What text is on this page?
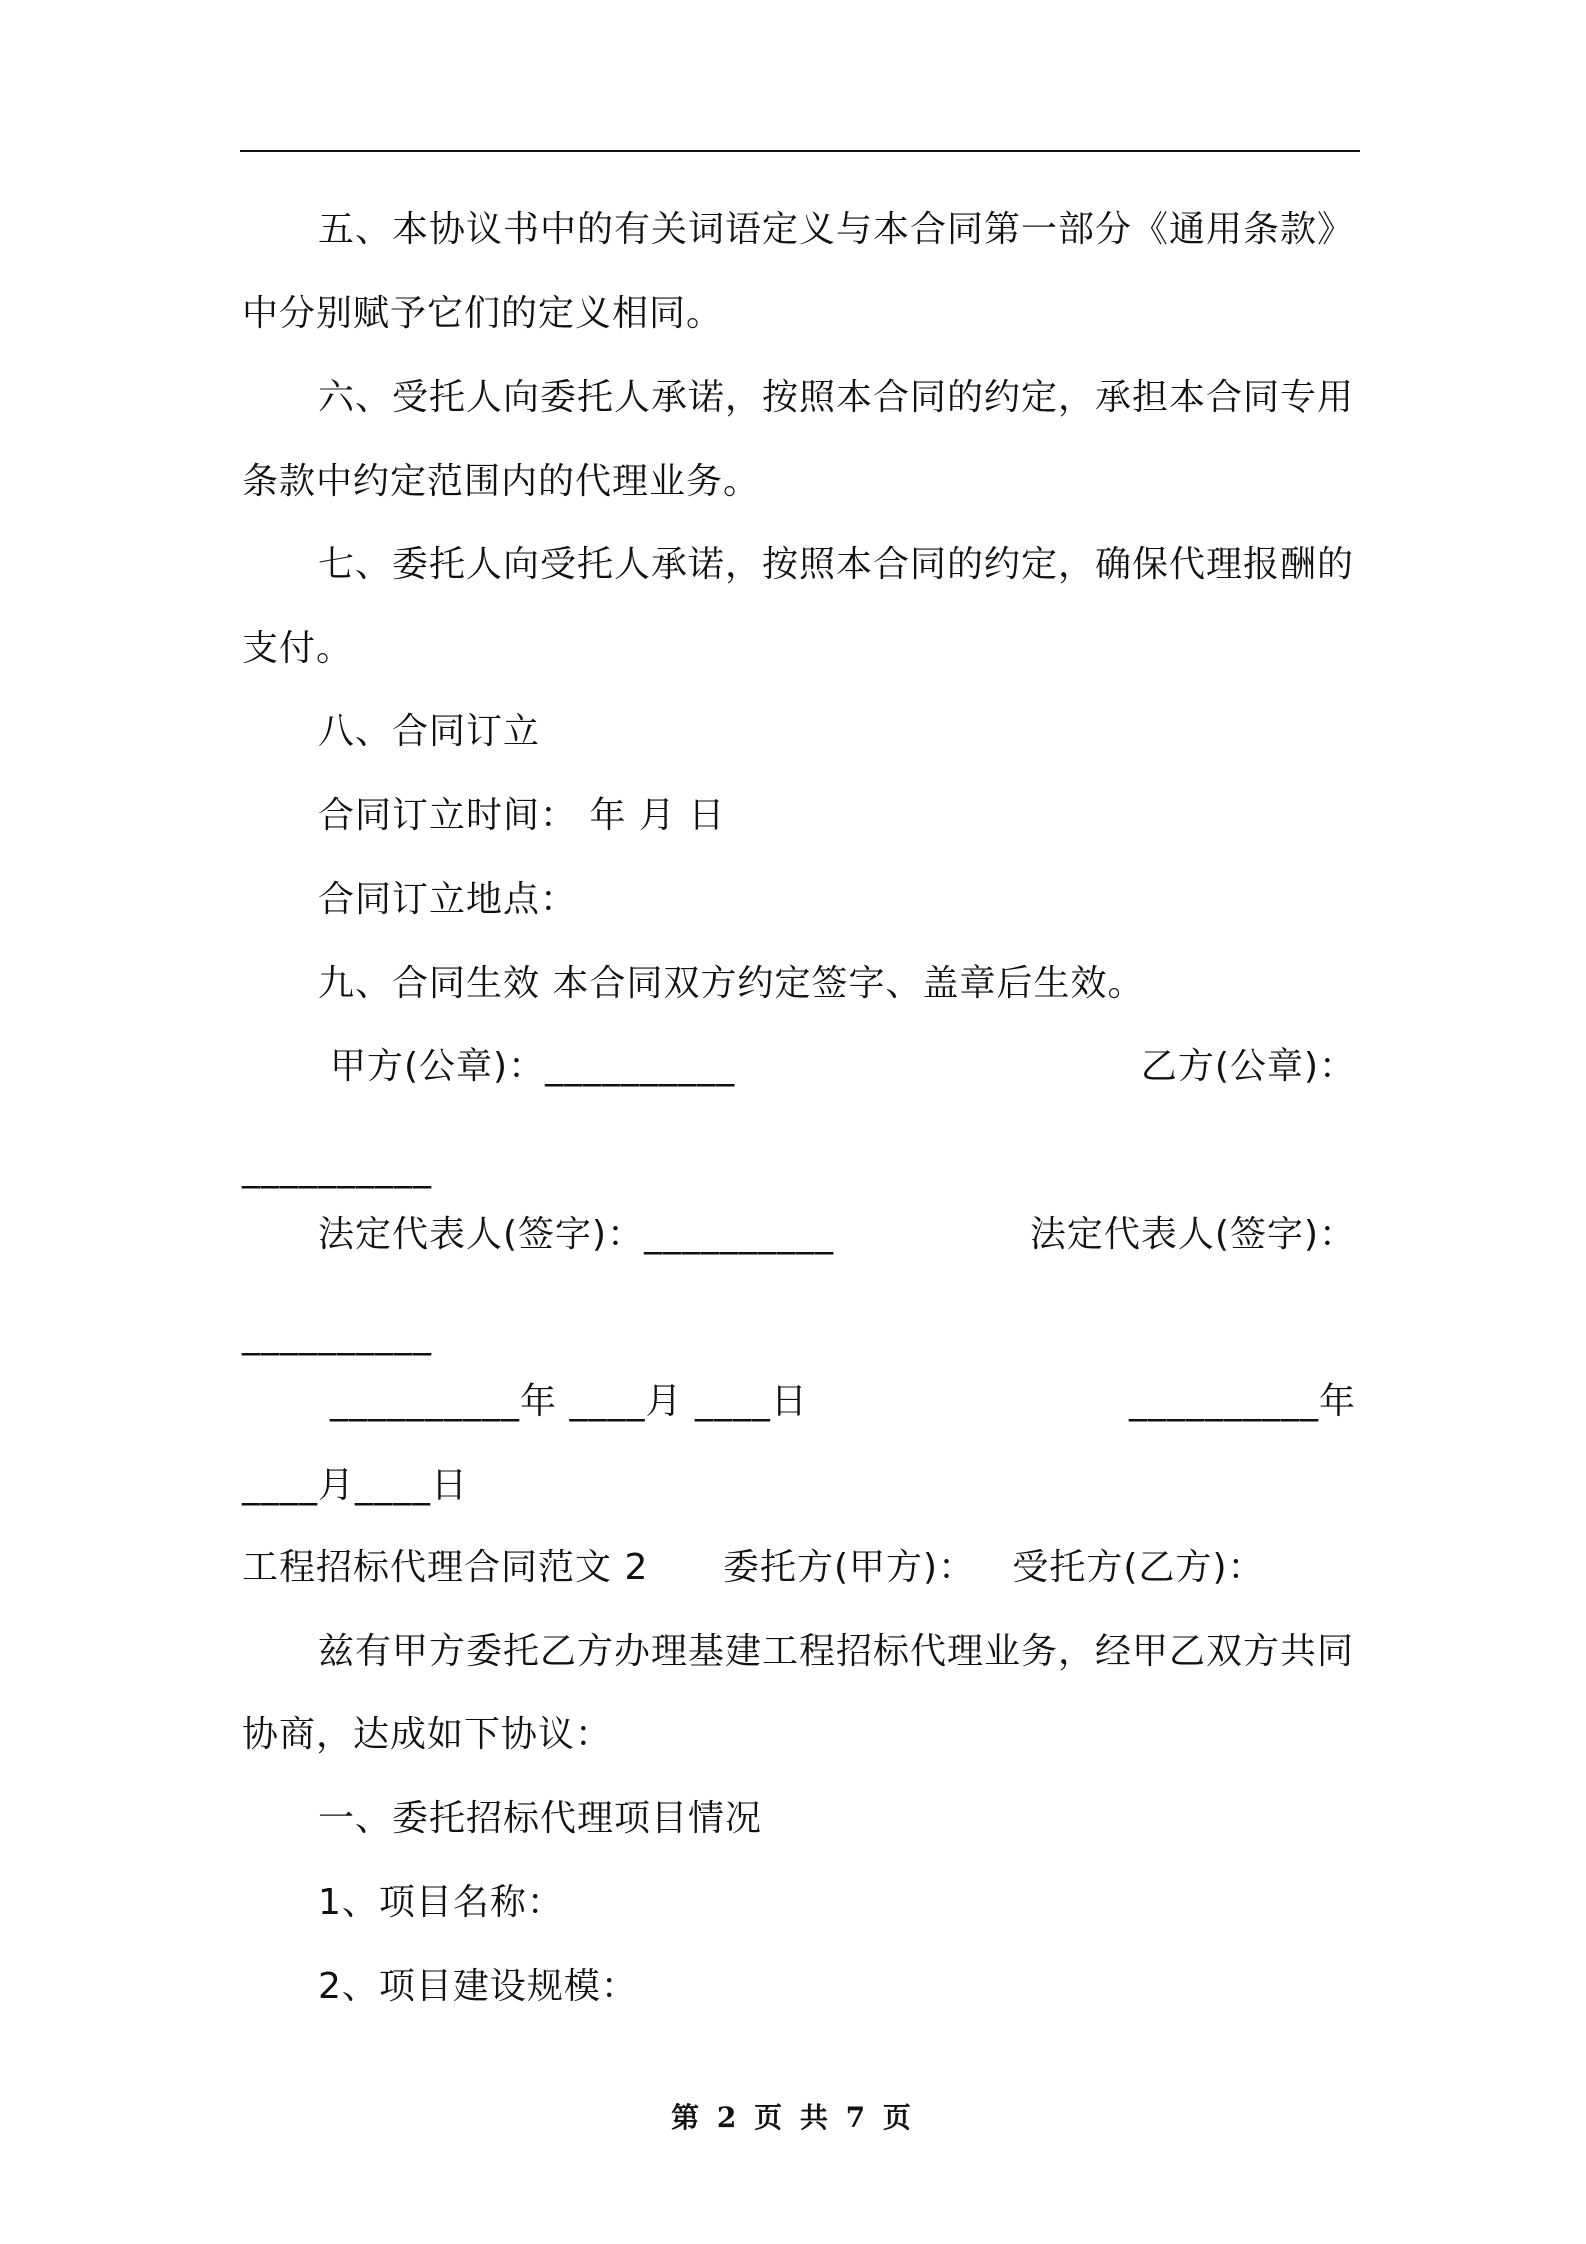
五、本协议书中的有关词语定义与本合同第一部分《通用条款》
中分别赋予它们的定义相同。
六、受托人向委托人承诺，按照本合同的约定，承担本合同专用
条款中约定范围内的代理业务。
七、委托人向受托人承诺，按照本合同的约定，确保代理报酬的
支付。
八、合同订立
合同订立时间： 年 月 日
合同订立地点：
九、合同生效 本合同双方约定签字、盖章后生效。
甲方(公章)：__________	乙方(公章)：
__________
法定代表人(签字)：__________	法定代表人(签字)：
__________
__________年 ____月 ____日	__________年
____月____日
工程招标代理合同范文 2      委托方(甲方)：   受托方(乙方)：
兹有甲方委托乙方办理基建工程招标代理业务，经甲乙双方共同
协商，达成如下协议：
一、委托招标代理项目情况
1、项目名称：
2、项目建设规模：
第 2 页 共 7 页
